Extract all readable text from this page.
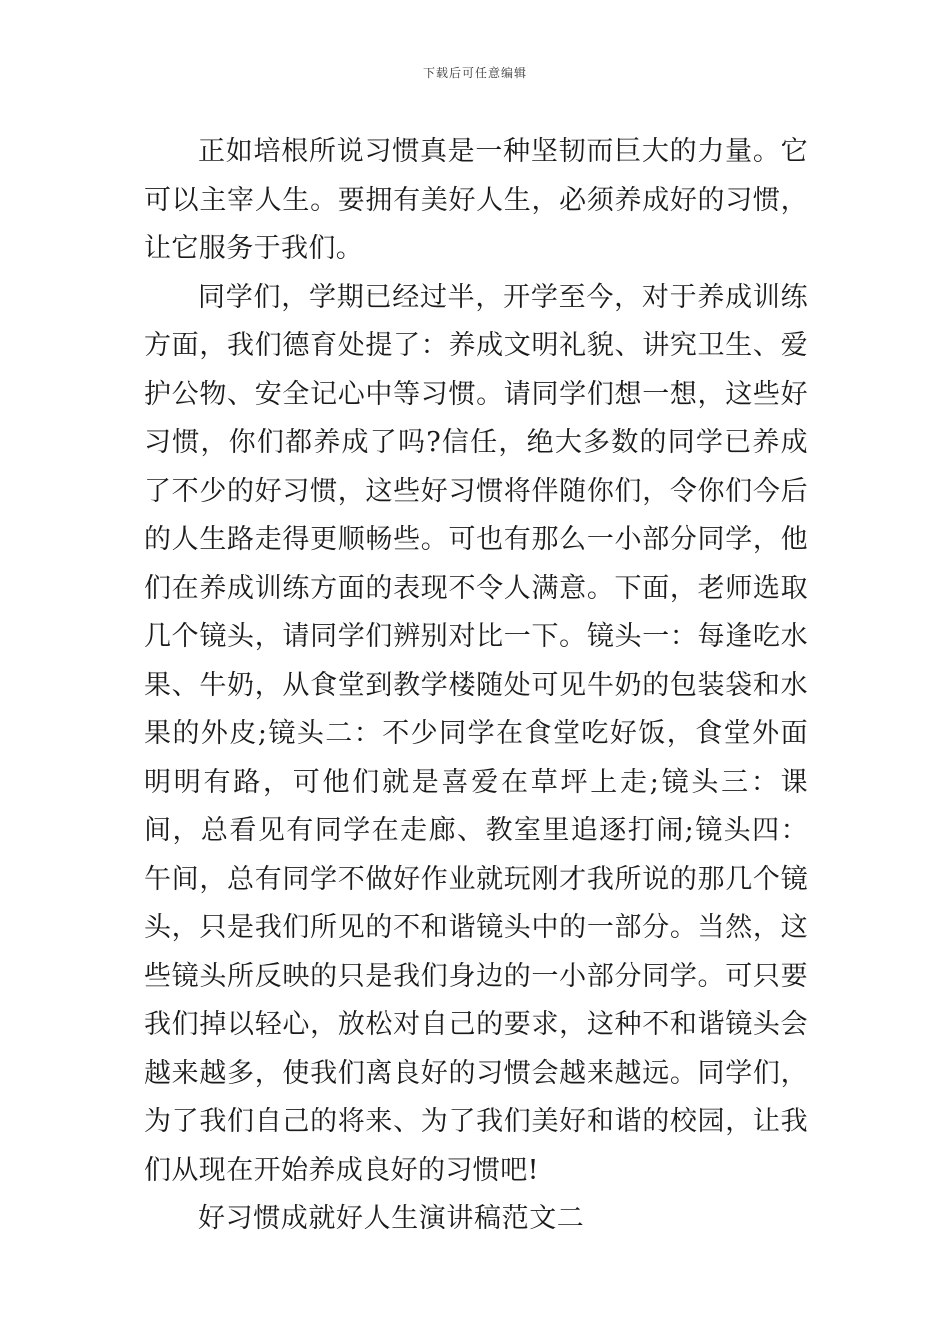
下载后可任意编辑

正如培根所说习惯真是一种坚韧而巨大的力量。它可以主宰人生。要拥有美好人生，必须养成好的习惯，让它服务于我们。

同学们，学期已经过半，开学至今，对于养成训练方面，我们德育处提了：养成文明礼貌、讲究卫生、爱护公物、安全记心中等习惯。请同学们想一想，这些好习惯，你们都养成了吗?信任，绝大多数的同学已养成了不少的好习惯，这些好习惯将伴随你们，令你们今后的人生路走得更顺畅些。可也有那么一小部分同学，他们在养成训练方面的表现不令人满意。下面，老师选取几个镜头，请同学们辨别对比一下。镜头一：每逢吃水果、牛奶，从食堂到教学楼随处可见牛奶的包装袋和水果的外皮;镜头二：不少同学在食堂吃好饭，食堂外面明明有路，可他们就是喜爱在草坪上走;镜头三：课间，总看见有同学在走廊、教室里追逐打闹;镜头四：午间，总有同学不做好作业就玩刚才我所说的那几个镜头，只是我们所见的不和谐镜头中的一部分。当然，这些镜头所反映的只是我们身边的一小部分同学。可只要我们掉以轻心，放松对自己的要求，这种不和谐镜头会越来越多，使我们离良好的习惯会越来越远。同学们，为了我们自己的将来、为了我们美好和谐的校园，让我们从现在开始养成良好的习惯吧!

好习惯成就好人生演讲稿范文二
